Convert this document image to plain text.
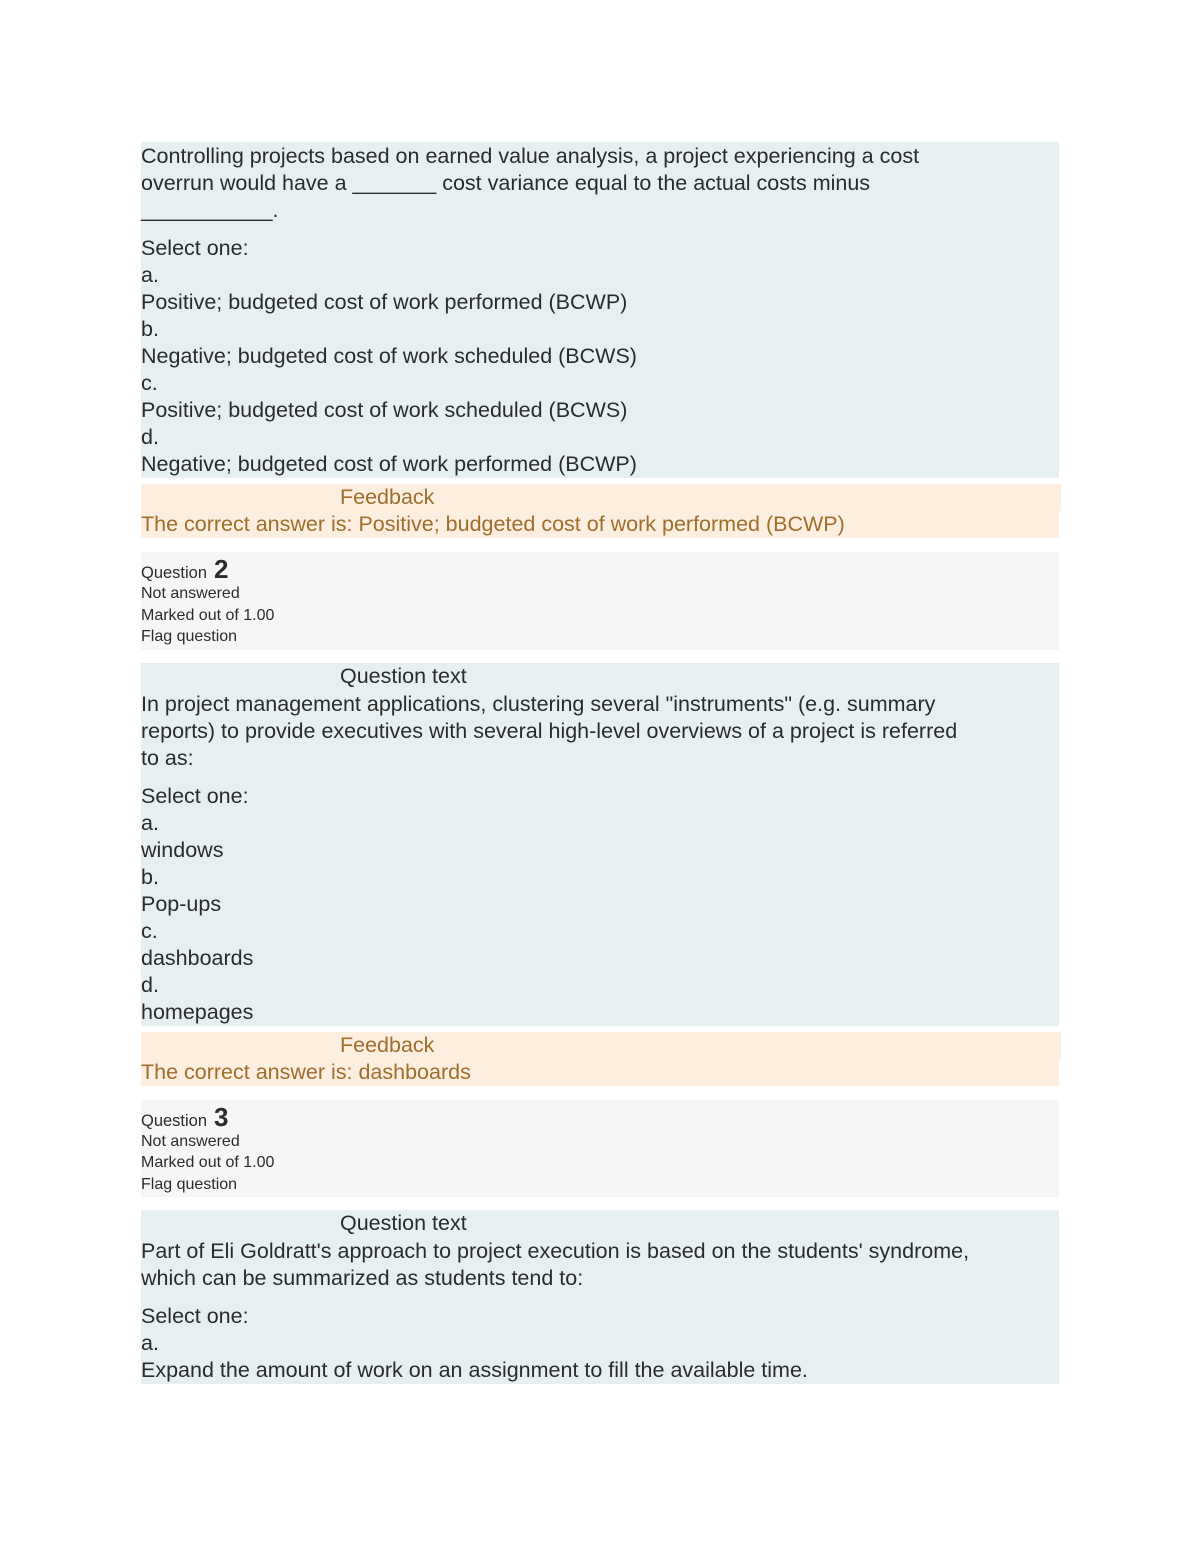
Controlling projects based on earned value analysis, a project experiencing a cost
overrun would have a _______ cost variance equal to the actual costs minus
___________.
Select one:
a.
Positive; budgeted cost of work performed (BCWP)
b.
Negative; budgeted cost of work scheduled (BCWS)
c.
Positive; budgeted cost of work scheduled (BCWS)
d.
Negative; budgeted cost of work performed (BCWP)
Feedback
The correct answer is: Positive; budgeted cost of work performed (BCWP)
Question 2
Not answered
Marked out of 1.00
Flag question
Question text
In project management applications, clustering several "instruments" (e.g. summary
reports) to provide executives with several high-level overviews of a project is referred
to as:
Select one:
a.
windows
b.
Pop-ups
c.
dashboards
d.
homepages
Feedback
The correct answer is: dashboards
Question 3
Not answered
Marked out of 1.00
Flag question
Question text
Part of Eli Goldratt's approach to project execution is based on the students' syndrome,
which can be summarized as students tend to:
Select one:
a.
Expand the amount of work on an assignment to fill the available time.
